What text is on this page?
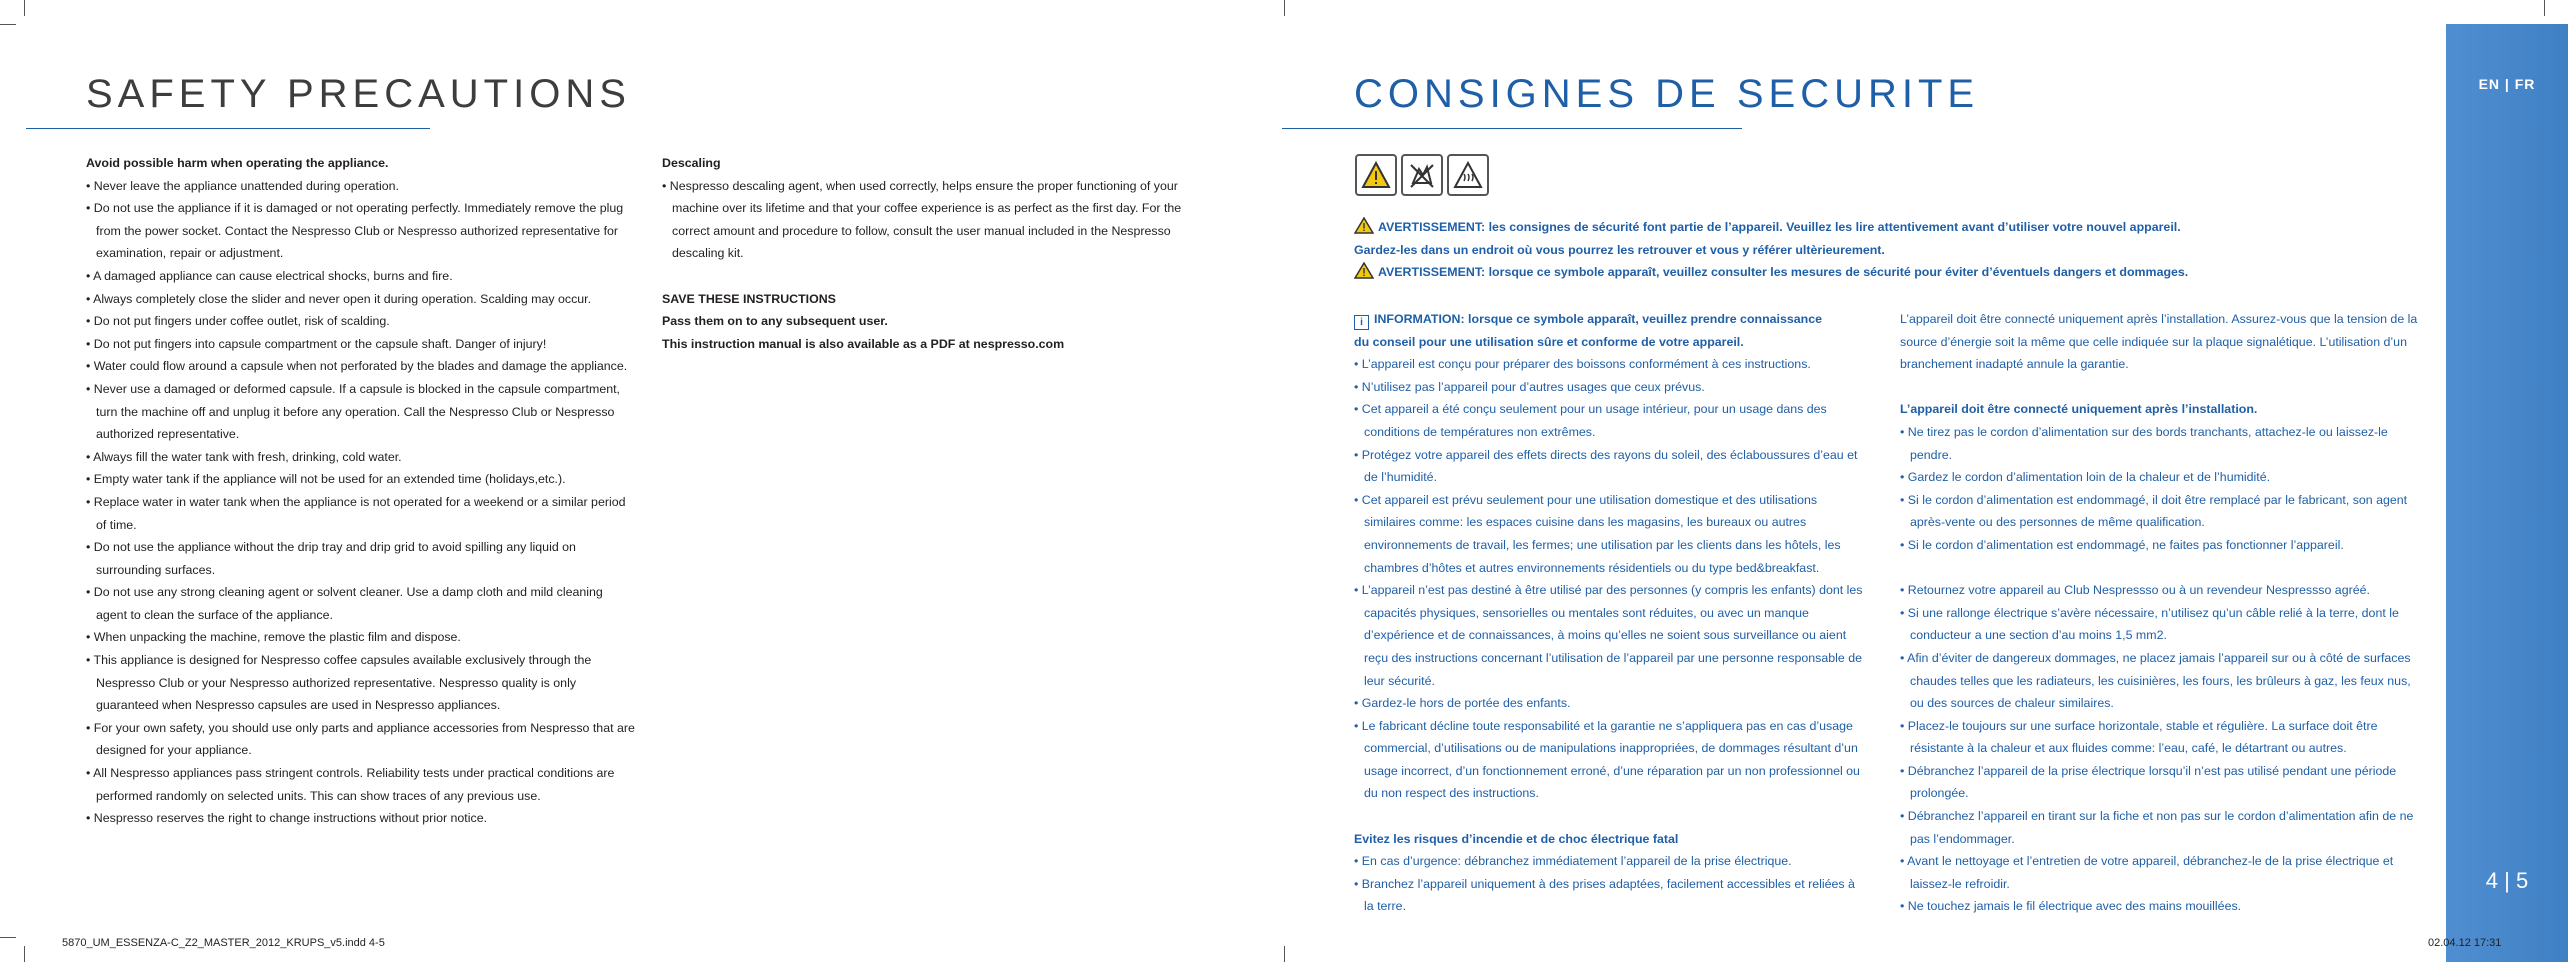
SAFETY PRECAUTIONS

Avoid possible harm when operating the appliance.

• Never leave the appliance unattended during operation.

• Do not use the appliance if it is damaged or not operating perfectly. Immediately remove the plug from the power socket. Contact the Nespresso Club or Nespresso authorized representative for examination, repair or adjustment.

• A damaged appliance can cause electrical shocks, burns and fire.

• Always completely close the slider and never open it during operation. Scalding may occur.

• Do not put fingers under coffee outlet, risk of scalding.

• Do not put fingers into capsule compartment or the capsule shaft. Danger of injury!

• Water could flow around a capsule when not perforated by the blades and damage the appliance.

• Never use a damaged or deformed capsule. If a capsule is blocked in the capsule compartment, turn the machine off and unplug it before any operation. Call the Nespresso Club or Nespresso authorized representative.

• Always fill the water tank with fresh, drinking, cold water.

• Empty water tank if the appliance will not be used for an extended time (holidays,etc.).

• Replace water in water tank when the appliance is not operated for a weekend or a similar period of time.

• Do not use the appliance without the drip tray and drip grid to avoid spilling any liquid on surrounding surfaces.

• Do not use any strong cleaning agent or solvent cleaner. Use a damp cloth and mild cleaning agent to clean the surface of the appliance.

• When unpacking the machine, remove the plastic film and dispose.

• This appliance is designed for Nespresso coffee capsules available exclusively through the Nespresso Club or your Nespresso authorized representative. Nespresso quality is only guaranteed when Nespresso capsules are used in Nespresso appliances.

• For your own safety, you should use only parts and appliance accessories from Nespresso that are designed for your appliance.

• All Nespresso appliances pass stringent controls. Reliability tests under practical conditions are performed randomly on selected units. This can show traces of any previous use.

• Nespresso reserves the right to change instructions without prior notice.

Descaling

• Nespresso descaling agent, when used correctly, helps ensure the proper functioning of your machine over its lifetime and that your coffee experience is as perfect as the first day. For the correct amount and procedure to follow, consult the user manual included in the Nespresso descaling kit.

SAVE THESE INSTRUCTIONS

Pass them on to any subsequent user.

This instruction manual is also available as a PDF at nespresso.com

5870_UM_ESSENZA-C_Z2_MASTER_2012_KRUPS_v5.indd 4-5
CONSIGNES DE SECURITE

AVERTISSEMENT: les consignes de sécurité font partie de l’appareil. Veuillez les lire attentivement avant d’utiliser votre nouvel appareil.

Gardez-les dans un endroit où vous pourrez les retrouver et vous y référer ultèrieurement.

AVERTISSEMENT: lorsque ce symbole apparaît, veuillez consulter les mesures de sécurité pour éviter d’éventuels dangers et dommages.

i INFORMATION: lorsque ce symbole apparaît, veuillez prendre connaissance

du conseil pour une utilisation sûre et conforme de votre appareil.

• L’appareil est conçu pour préparer des boissons conformément à ces instructions.

• N’utilisez pas l’appareil pour d’autres usages que ceux prévus.

• Cet appareil a été conçu seulement pour un usage intérieur, pour un usage dans des conditions de températures non extrêmes.

• Protégez votre appareil des effets directs des rayons du soleil, des éclaboussures d’eau et de l’humidité.

• Cet appareil est prévu seulement pour une utilisation domestique et des utilisations similaires comme: les espaces cuisine dans les magasins, les bureaux ou autres environnements de travail, les fermes; une utilisation par les clients dans les hôtels, les chambres d’hôtes et autres environnements résidentiels ou du type bed&breakfast.

• L’appareil n’est pas destiné à être utilisé par des personnes (y compris les enfants) dont les capacités physiques, sensorielles ou mentales sont réduites, ou avec un manque d’expérience et de connaissances, à moins qu’elles ne soient sous surveillance ou aient reçu des instructions concernant l’utilisation de l’appareil par une personne responsable de leur sécurité.

• Gardez-le hors de portée des enfants.

• Le fabricant décline toute responsabilité et la garantie ne s’appliquera pas en cas d’usage commercial, d’utilisations ou de manipulations inappropriées, de dommages résultant d’un usage incorrect, d’un fonctionnement erroné, d’une réparation par un non professionnel ou du non respect des instructions.

Evitez les risques d’incendie et de choc électrique fatal

• En cas d’urgence: débranchez immédiatement l’appareil de la prise électrique.

• Branchez l’appareil uniquement à des prises adaptées, facilement accessibles et reliées à la terre.

L’appareil doit être connecté uniquement après l’installation. Assurez-vous que la tension de la source d’énergie soit la même que celle indiquée sur la plaque signalétique. L’utilisation d’un branchement inadapté annule la garantie.

L’appareil doit être connecté uniquement après l’installation.

• Ne tirez pas le cordon d’alimentation sur des bords tranchants, attachez-le ou laissez-le pendre.

• Gardez le cordon d’alimentation loin de la chaleur et de l’humidité.

• Si le cordon d’alimentation est endommagé, il doit être remplacé par le fabricant, son agent après-vente ou des personnes de même qualification.

• Si le cordon d’alimentation est endommagé, ne faites pas fonctionner l’appareil.

• Retournez votre appareil au Club Nespressso ou à un revendeur Nespressso agréé.

• Si une rallonge électrique s’avère nécessaire, n’utilisez qu’un câble relié à la terre, dont le conducteur a une section d’au moins 1,5 mm2.

• Afin d’éviter de dangereux dommages, ne placez jamais l’appareil sur ou à côté de surfaces chaudes telles que les radiateurs, les cuisinières, les fours, les brûleurs à gaz, les feux nus, ou des sources de chaleur similaires.

• Placez-le toujours sur une surface horizontale, stable et régulière. La surface doit être résistante à la chaleur et aux fluides comme: l’eau, café, le détartrant ou autres.

• Débranchez l’appareil de la prise électrique lorsqu’il n’est pas utilisé pendant une période prolongée.

• Débranchez l’appareil en tirant sur la fiche et non pas sur le cordon d’alimentation afin de ne pas l’endommager.

• Avant le nettoyage et l’entretien de votre appareil, débranchez-le de la prise électrique et laissez-le refroidir.

• Ne touchez jamais le fil électrique avec des mains mouillées.

EN | FR
4 | 5
02.04.12 17:31
